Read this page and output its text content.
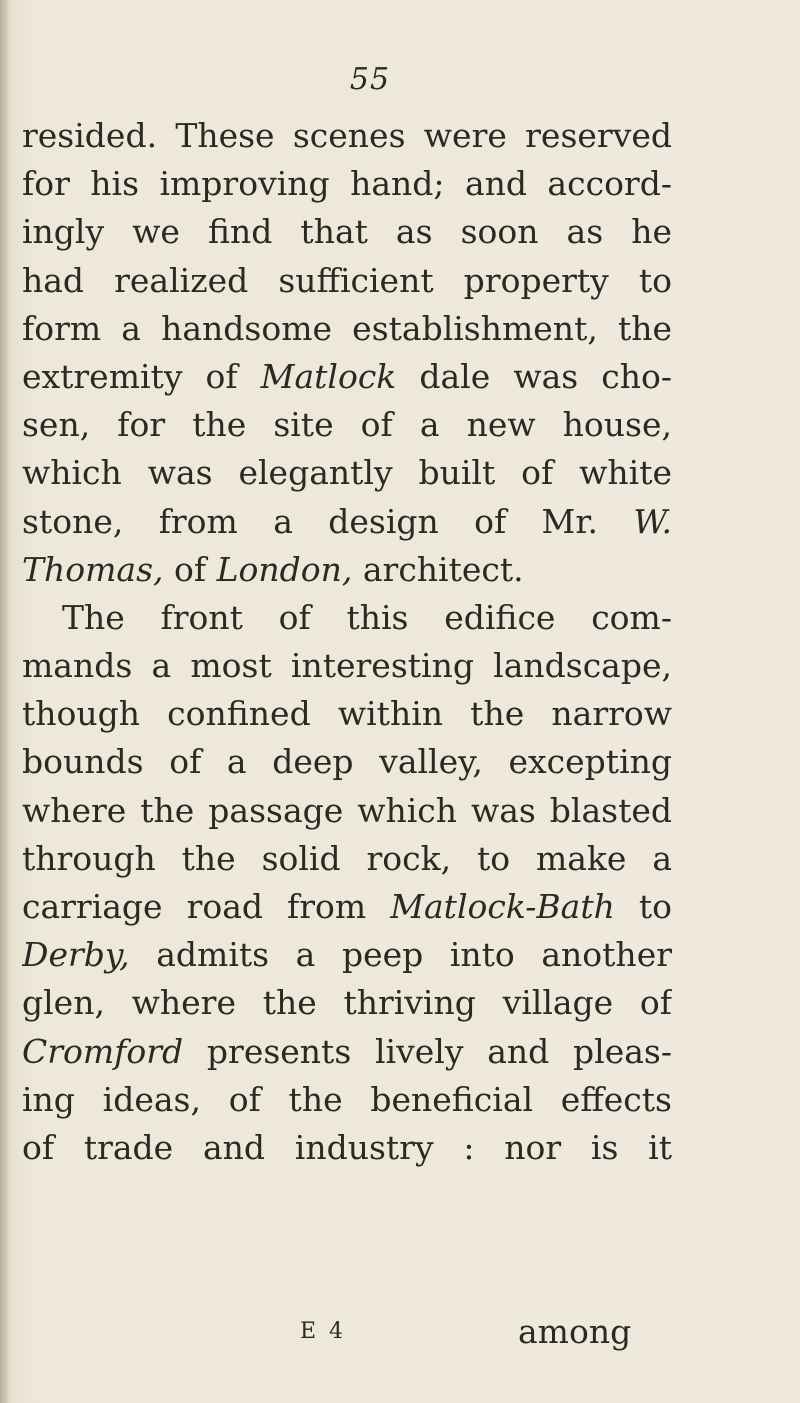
55
resided. These scenes were reserved
for his improving hand; and accord-
ingly we find that as soon as he
had realized sufficient property to
form a handsome establishment, the
extremity of Matlock dale was cho-
sen, for the site of a new house,
which was elegantly built of white
stone, from a design of Mr. W.
Thomas, of London, architect.
The front of this edifice com-
mands a most interesting landscape,
though confined within the narrow
bounds of a deep valley, excepting
where the passage which was blasted
through the solid rock, to make a
carriage road from Matlock-Bath to
Derby, admits a peep into another
glen, where the thriving village of
Cromford presents lively and pleas-
ing ideas, of the beneficial effects
of trade and industry : nor is it
E 4	among
